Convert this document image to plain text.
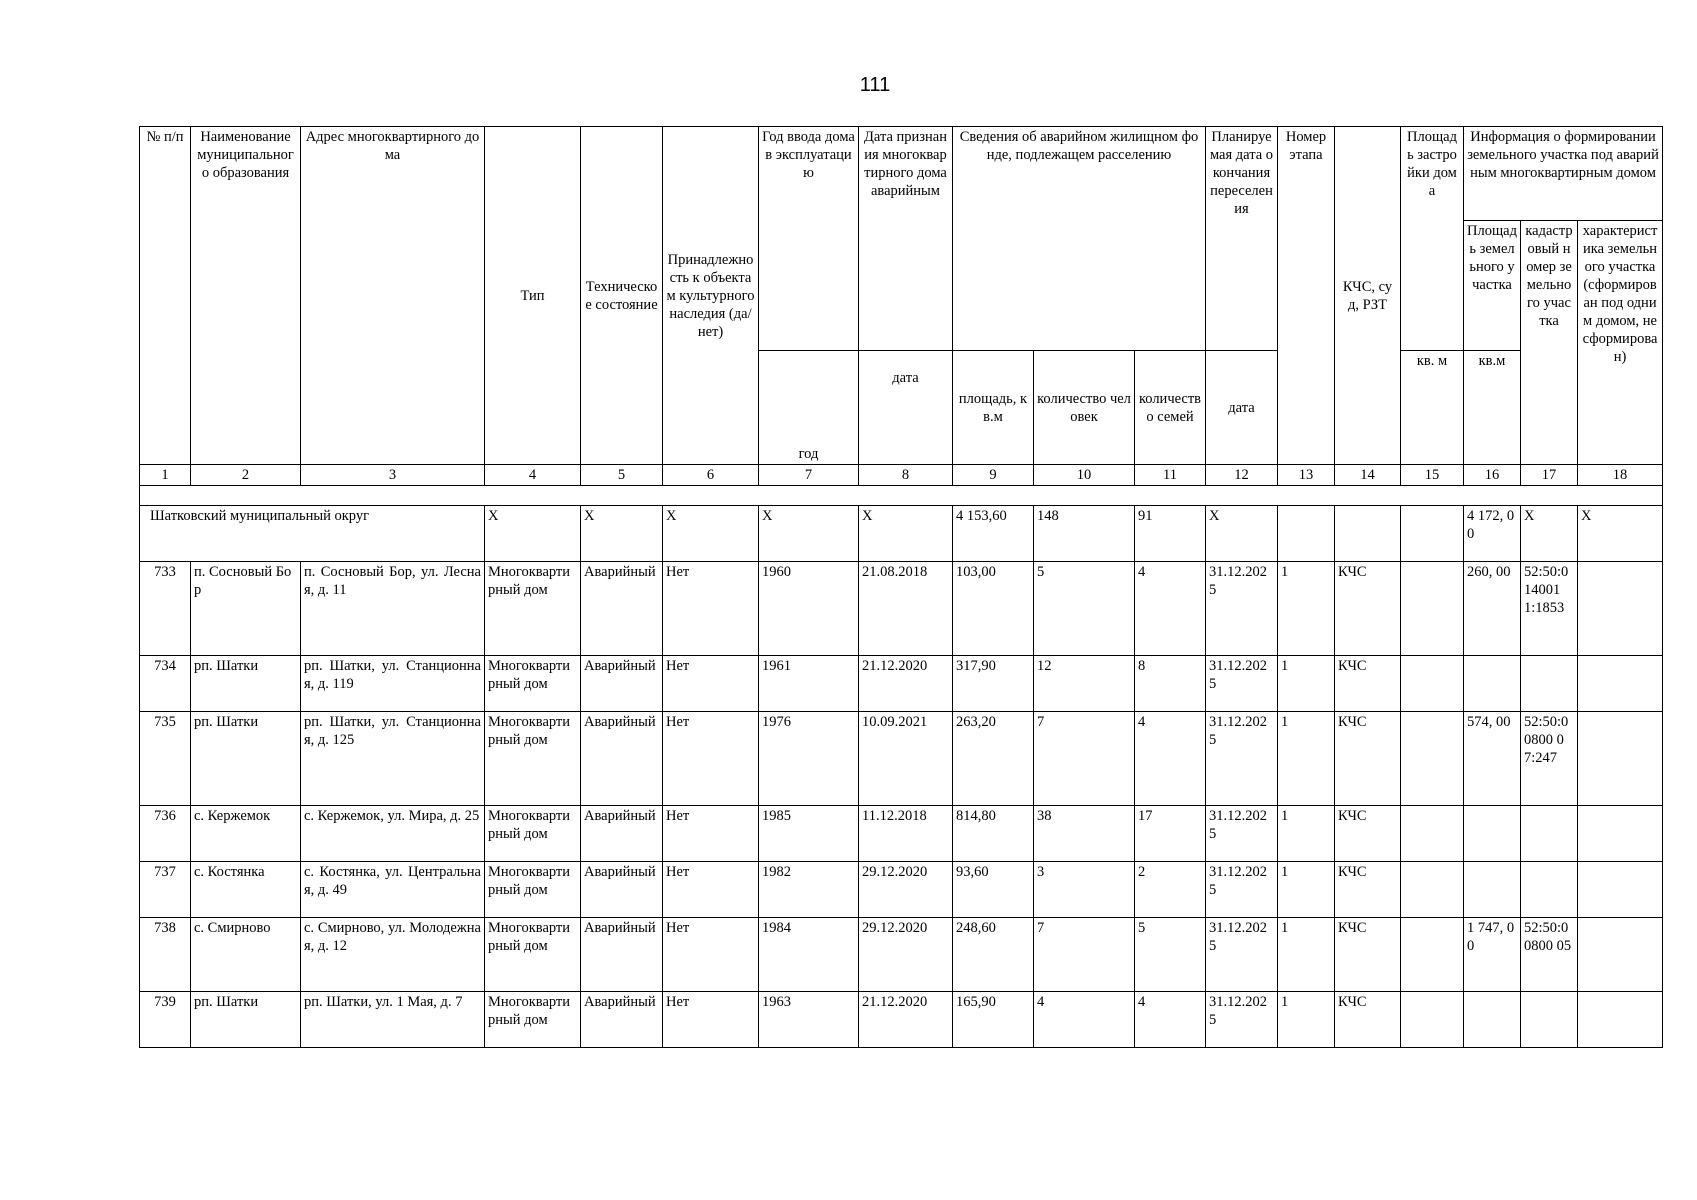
111
№ п/п	Наименование муниципального образования	Адрес многоквартирного дома	Тип	Техническое состояние	Принадлежность к объектам культурного наследия (да/нет)	Год ввода дома в эксплуатацию	Дата признания многоквартирного дома аварийным	Сведения об аварийном жилищном фонде, подлежащем расселению			Планируемая дата окончания переселения	Номер этапа	КЧС, суд, РЗТ	Площадь застройки дома	Информация о формировании земельного участка под аварийным многоквартирным домом		
															Площадь земельного участка	кадастровый номер земельного участка	характеристика земельного участка (сформирован под одним домом, не сформирован)
						год	дата	площадь, кв.м	количество человек	количество семей	дата			кв. м	кв.м		
1	2	3	4	5	6	7	8	9	10	11	12	13	14	15	16	17	18

Шатковский муниципальный округ			X	X	X	X	X	4 153,60	148	91	X				4 172, 00	X	X
733	п. Сосновый Бор	п. Сосновый Бор, ул. Лесная, д. 11	Многоквартирный дом	Аварийный	Нет	1960	21.08.2018	103,00	5	4	31.12.2025	1	КЧС		260, 00	52:50:014001 1:1853	
734	рп. Шатки	рп. Шатки, ул. Станционная, д. 119	Многоквартирный дом	Аварийный	Нет	1961	21.12.2020	317,90	12	8	31.12.2025	1	КЧС				
735	рп. Шатки	рп. Шатки, ул. Станционная, д. 125	Многоквартирный дом	Аварийный	Нет	1976	10.09.2021	263,20	7	4	31.12.2025	1	КЧС		574, 00	52:50:00800 07:247	
736	с. Кержемок	с. Кержемок, ул. Мира, д. 25	Многоквартирный дом	Аварийный	Нет	1985	11.12.2018	814,80	38	17	31.12.2025	1	КЧС				
737	с. Костянка	с. Костянка, ул. Центральная, д. 49	Многоквартирный дом	Аварийный	Нет	1982	29.12.2020	93,60	3	2	31.12.2025	1	КЧС				
738	с. Смирново	с. Смирново, ул. Молодежная, д. 12	Многоквартирный дом	Аварийный	Нет	1984	29.12.2020	248,60	7	5	31.12.2025	1	КЧС		1 747, 00	52:50:00800 05	
739	рп. Шатки	рп. Шатки, ул. 1 Мая, д. 7	Многоквартирный дом	Аварийный	Нет	1963	21.12.2020	165,90	4	4	31.12.2025	1	КЧС				
